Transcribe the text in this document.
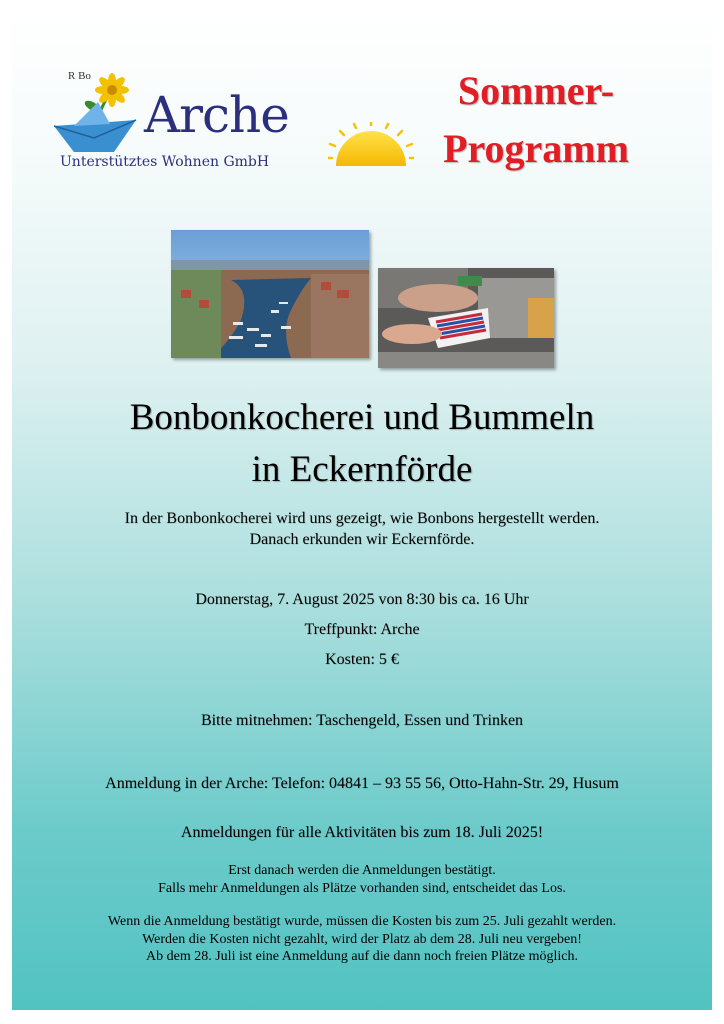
R Bo
Arche
Unterstütztes Wohnen GmbH
Sommer-
Programm
Bonbonkocherei und Bummeln
in Eckernförde
In der Bonbonkocherei wird uns gezeigt, wie Bonbons hergestellt werden.
Danach erkunden wir Eckernförde.
Donnerstag, 7. August 2025 von 8:30 bis ca. 16 Uhr
Treffpunkt: Arche
Kosten: 5 €
Bitte mitnehmen: Taschengeld, Essen und Trinken
Anmeldung in der Arche: Telefon: 04841 – 93 55 56, Otto-Hahn-Str. 29, Husum
Anmeldungen für alle Aktivitäten bis zum 18. Juli 2025!
Erst danach werden die Anmeldungen bestätigt.
Falls mehr Anmeldungen als Plätze vorhanden sind, entscheidet das Los.
Wenn die Anmeldung bestätigt wurde, müssen die Kosten bis zum 25. Juli gezahlt werden.
Werden die Kosten nicht gezahlt, wird der Platz ab dem 28. Juli neu vergeben!
Ab dem 28. Juli ist eine Anmeldung auf die dann noch freien Plätze möglich.
